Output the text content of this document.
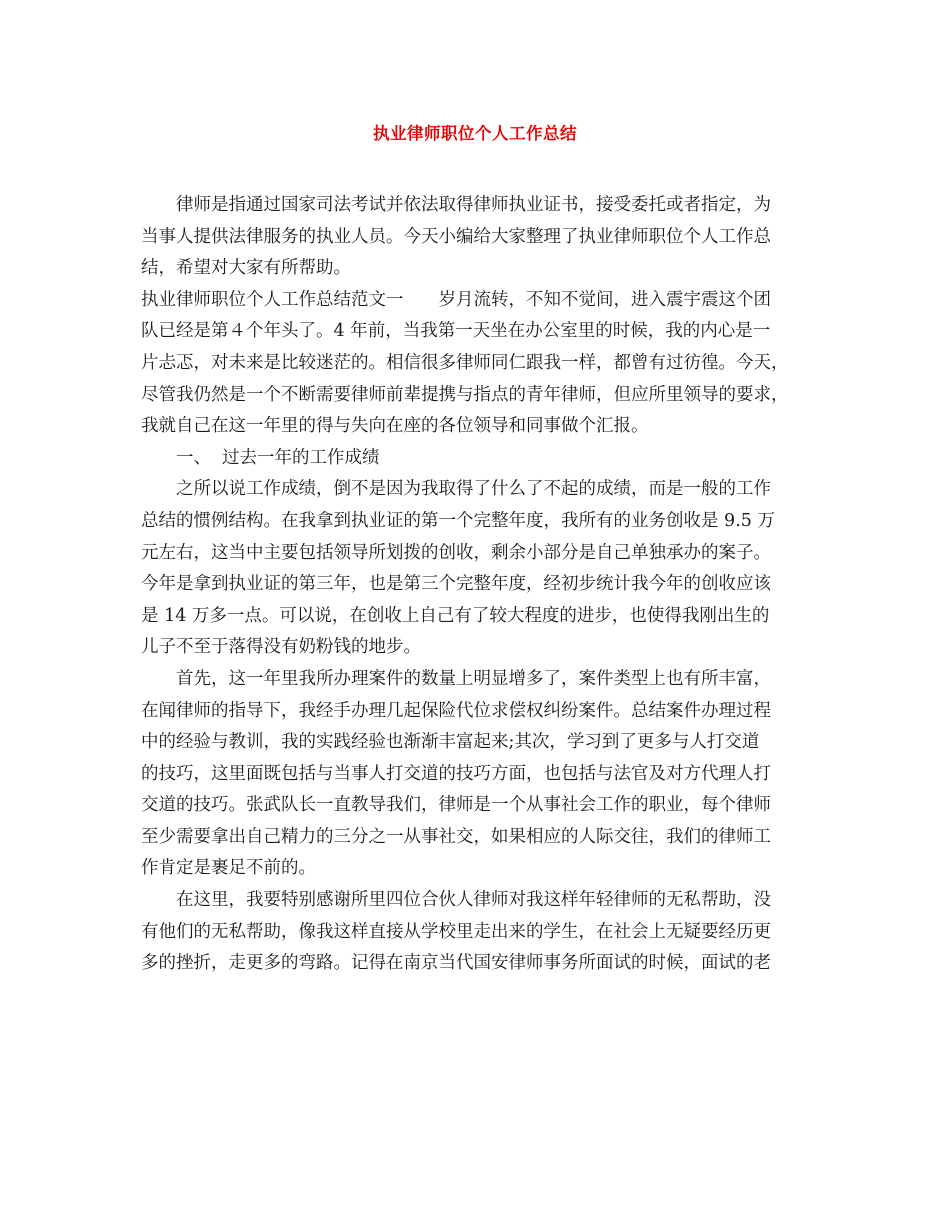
执业律师职位个人工作总结

律师是指通过国家司法考试并依法取得律师执业证书，接受委托或者指定，为
当事人提供法律服务的执业人员。今天小编给大家整理了执业律师职位个人工作总
结，希望对大家有所帮助。

执业律师职位个人工作总结范文一　　岁月流转，不知不觉间，进入震宇震这个团
队已经是第４个年头了。4 年前，当我第一天坐在办公室里的时候，我的内心是一
片忐忑，对未来是比较迷茫的。相信很多律师同仁跟我一样，都曾有过彷徨。今天，
尽管我仍然是一个不断需要律师前辈提携与指点的青年律师，但应所里领导的要求，
我就自己在这一年里的得与失向在座的各位领导和同事做个汇报。

一、 过去一年的工作成绩

之所以说工作成绩，倒不是因为我取得了什么了不起的成绩，而是一般的工作
总结的惯例结构。在我拿到执业证的第一个完整年度，我所有的业务创收是 9.5 万
元左右，这当中主要包括领导所划拨的创收，剩余小部分是自己单独承办的案子。
今年是拿到执业证的第三年，也是第三个完整年度，经初步统计我今年的创收应该
是 14 万多一点。可以说，在创收上自己有了较大程度的进步，也使得我刚出生的
儿子不至于落得没有奶粉钱的地步。

首先，这一年里我所办理案件的数量上明显增多了，案件类型上也有所丰富，
在闻律师的指导下，我经手办理几起保险代位求偿权纠纷案件。总结案件办理过程
中的经验与教训，我的实践经验也渐渐丰富起来;其次，学习到了更多与人打交道
的技巧，这里面既包括与当事人打交道的技巧方面，也包括与法官及对方代理人打
交道的技巧。张武队长一直教导我们，律师是一个从事社会工作的职业，每个律师
至少需要拿出自己精力的三分之一从事社交，如果相应的人际交往，我们的律师工
作肯定是裹足不前的。

在这里，我要特别感谢所里四位合伙人律师对我这样年轻律师的无私帮助，没
有他们的无私帮助，像我这样直接从学校里走出来的学生，在社会上无疑要经历更
多的挫折，走更多的弯路。记得在南京当代国安律师事务所面试的时候，面试的老
